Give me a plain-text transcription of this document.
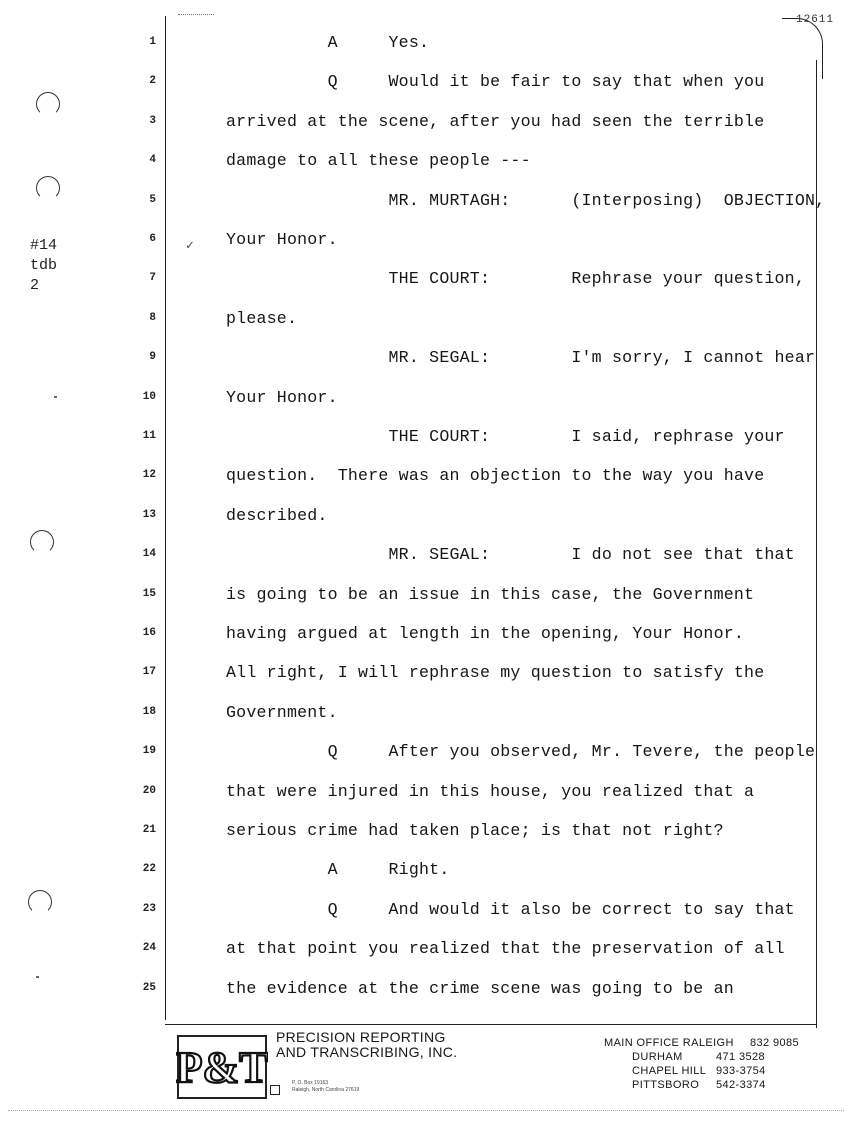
12611
✓
#14
tdb
2
1	A     Yes.
2	Q     Would it be fair to say that when you
3	arrived at the scene, after you had seen the terrible
4	damage to all these people ---
5	MR. MURTAGH:      (Interposing)  OBJECTION,
6	Your Honor.
7	THE COURT:        Rephrase your question,
8	please.
9	MR. SEGAL:        I'm sorry, I cannot hear
10	Your Honor.
11	THE COURT:        I said, rephrase your
12	question.  There was an objection to the way you have
13	described.
14	MR. SEGAL:        I do not see that that
15	is going to be an issue in this case, the Government
16	having argued at length in the opening, Your Honor.
17	All right, I will rephrase my question to satisfy the
18	Government.
19	Q     After you observed, Mr. Tevere, the people
20	that were injured in this house, you realized that a
21	serious crime had taken place; is that not right?
22	A     Right.
23	Q     And would it also be correct to say that
24	at that point you realized that the preservation of all
25	the evidence at the crime scene was going to be an
P&T
PRECISION REPORTING
AND TRANSCRIBING, INC.
P. O. Box 19163
Raleigh, North Carolina 27619
MAIN OFFICE RALEIGH 832 9085
DURHAM	471 3528
CHAPEL HILL 933-3754
PITTSBORO 542-3374
